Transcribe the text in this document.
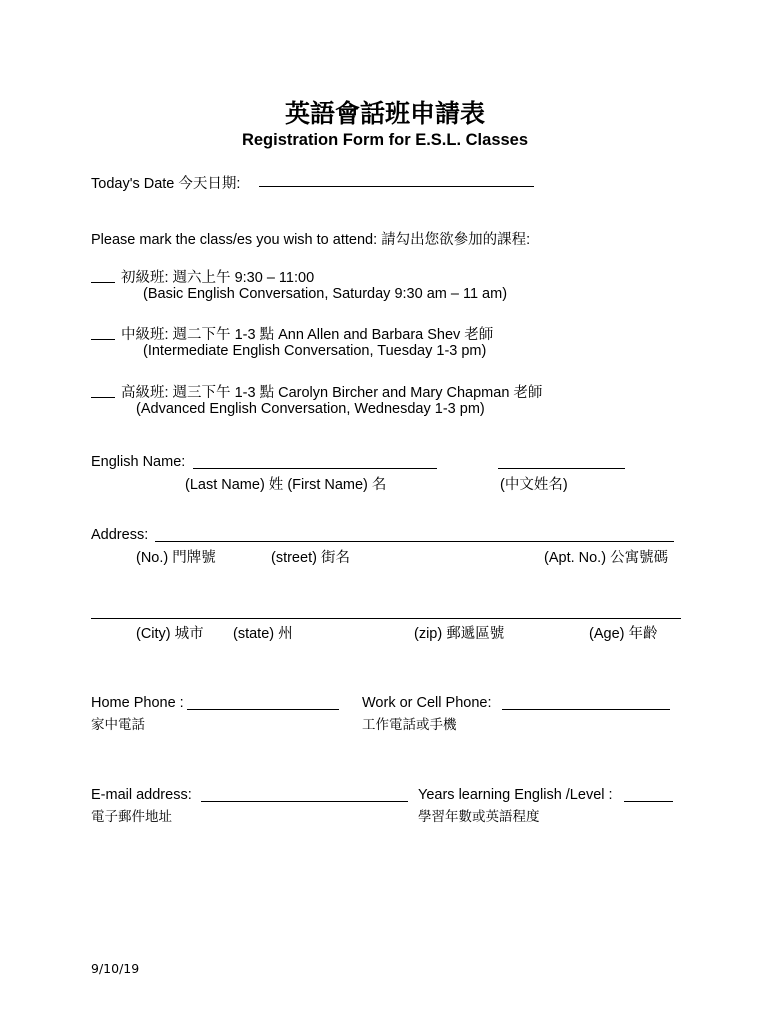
英語會話班申請表
Registration Form for E.S.L. Classes
Today's Date 今天日期:
Please mark the class/es you wish to attend: 請勾出您欲參加的課程:
初級班: 週六上午 9:30 – 11:00
(Basic English Conversation, Saturday 9:30 am – 11 am)
中級班: 週二下午 1-3 點 Ann Allen and Barbara Shev 老師
(Intermediate English Conversation, Tuesday 1-3 pm)
高級班: 週三下午 1-3 點 Carolyn Bircher and Mary Chapman 老師
(Advanced English Conversation, Wednesday 1-3 pm)
English Name:
(Last Name) 姓 (First Name) 名	(中文姓名)
Address:
(No.) 門牌號	(street) 街名	(Apt. No.) 公寓號碼
(City) 城市 (state) 州	(zip) 郵遞區號	(Age) 年齡
Home Phone :
家中電話
Work or Cell Phone:
工作電話或手機
E-mail address:
電子郵件地址
Years learning English /Level :
學習年數或英語程度
9/10/19
